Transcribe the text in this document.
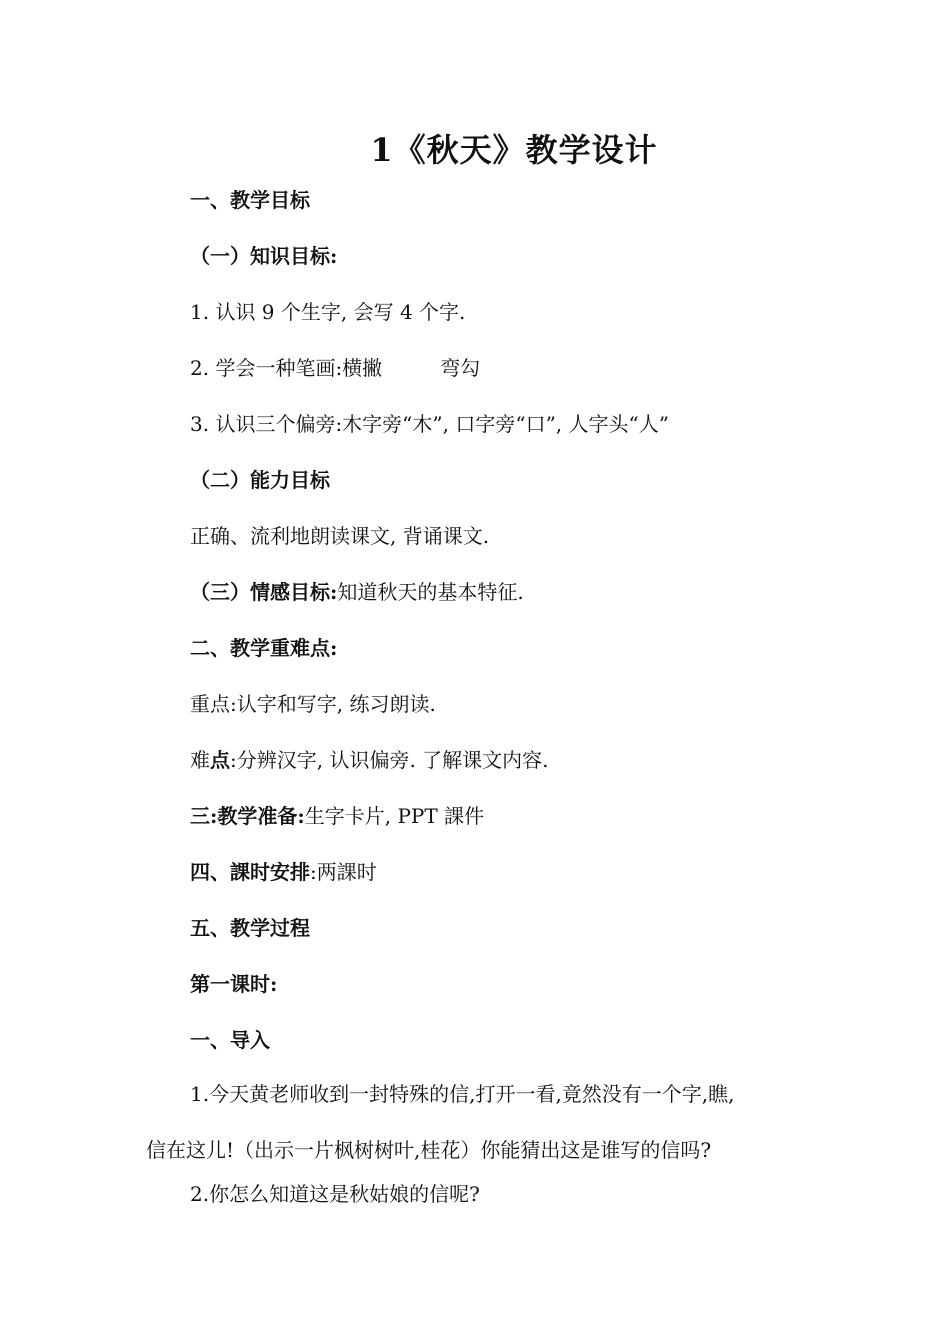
1《秋天》教学设计
一、教学目标
（一）知识目标:
1. 认识 9 个生字, 会写 4 个字.
2. 学会一种笔画:横撇	弯勾
3. 认识三个偏旁:木字旁“木”, 口字旁“口”, 人字头“人”
（二）能力目标
正确、流利地朗读课文, 背诵课文.
（三）情感目标:知道秋天的基本特征.
二、教学重难点:
重点:认字和写字, 练习朗读.
难点:分辨汉字, 认识偏旁. 了解课文内容.
三:教学准备:生字卡片, PPT 課件
四、課时安排:两課时
五、教学过程
第一课时:
一、导入
1.今天黄老师收到一封特殊的信,打开一看,竟然没有一个字,瞧,
信在这儿!（出示一片枫树树叶,桂花）你能猜出这是谁写的信吗?
2.你怎么知道这是秋姑娘的信呢?
